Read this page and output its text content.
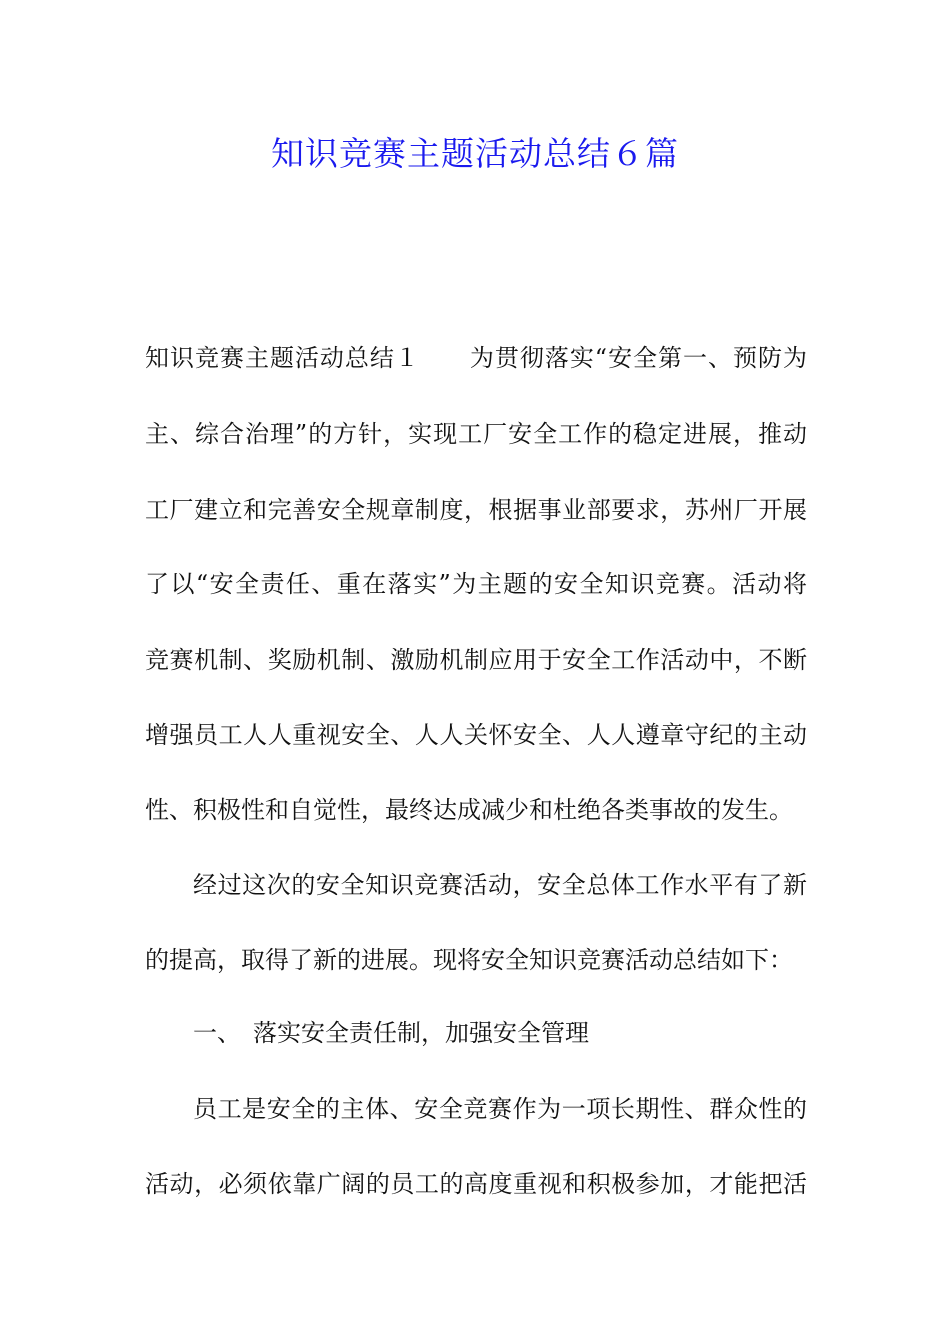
知识竞赛主题活动总结６篇
知识竞赛主题活动总结１　　为贯彻落实“安全第一、预防为
主、综合治理”的方针，实现工厂安全工作的稳定进展，推动
工厂建立和完善安全规章制度，根据事业部要求，苏州厂开展
了以“安全责任、重在落实”为主题的安全知识竞赛。活动将
竞赛机制、奖励机制、激励机制应用于安全工作活动中，不断
增强员工人人重视安全、人人关怀安全、人人遵章守纪的主动
性、积极性和自觉性，最终达成减少和杜绝各类事故的发生。
经过这次的安全知识竞赛活动，安全总体工作水平有了新
的提高，取得了新的进展。现将安全知识竞赛活动总结如下：
一、　落实安全责任制，加强安全管理
员工是安全的主体、安全竞赛作为一项长期性、群众性的
活动，必须依靠广阔的员工的高度重视和积极参加，才能把活
